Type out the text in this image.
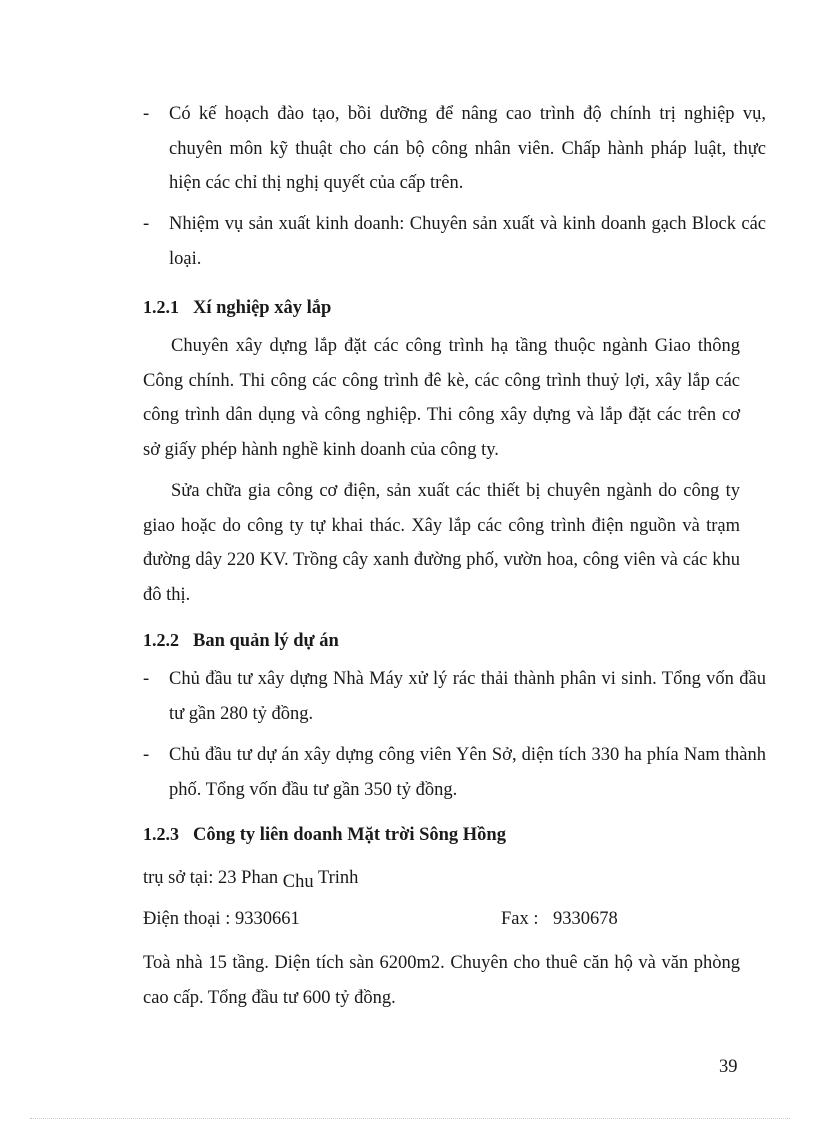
- Có kế hoạch đào tạo, bồi dưỡng để nâng cao trình độ chính trị nghiệp vụ, chuyên môn kỹ thuật cho cán bộ công nhân viên. Chấp hành pháp luật, thực hiện các chỉ thị nghị quyết của cấp trên.
- Nhiệm vụ sản xuất kinh doanh: Chuyên sản xuất và kinh doanh gạch Block các loại.
1.2.1 Xí nghiệp xây lắp
Chuyên xây dựng lắp đặt các công trình hạ tầng thuộc ngành Giao thông Công chính. Thi công các công trình đê kè, các công trình thuỷ lợi, xây lắp các công trình dân dụng và công nghiệp. Thi công xây dựng và lắp đặt các trên cơ sở giấy phép hành nghề kinh doanh của công ty.
Sửa chữa gia công cơ điện, sản xuất các thiết bị chuyên ngành do công ty giao hoặc do công ty tự khai thác. Xây lắp các công trình điện nguồn và trạm đường dây 220 KV. Trồng cây xanh đường phố, vườn hoa, công viên và các khu đô thị.
1.2.2 Ban quản lý dự án
- Chủ đầu tư xây dựng Nhà Máy xử lý rác thải thành phân vi sinh. Tổng vốn đầu tư gần 280 tỷ đồng.
- Chủ đầu tư dự án xây dựng công viên Yên Sở, diện tích 330 ha phía Nam thành phố. Tổng vốn đầu tư gần 350 tỷ đồng.
1.2.3 Công ty liên doanh Mặt trời Sông Hồng
trụ sở tại: 23 Phan Chu Trinh
Điện thoại : 9330661	Fax : 9330678
Toà nhà 15 tầng. Diện tích sàn 6200m2. Chuyên cho thuê căn hộ và văn phòng cao cấp. Tổng đầu tư 600 tỷ đồng.
39
